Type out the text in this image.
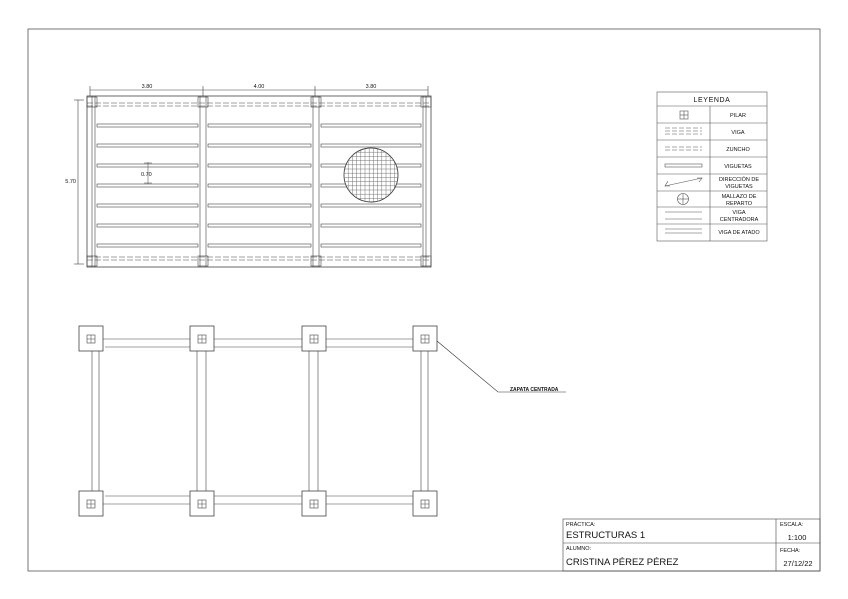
3.80	4.00	3.80
5.70
0.70
LEYENDA
PILAR
VIGA
ZUNCHO
VIGUETAS
DIRECCIÓN DE
VIGUETAS
MALLAZO DE
REPARTO
VIGA
CENTRADORA
VIGA DE ATADO
ZAPATA CENTRADA
PRÁCTICA:
ESTRUCTURAS 1
ESCALA:
1:100
ALUMNO:
CRISTINA PÉREZ PÉREZ
FECHA:
27/12/22
